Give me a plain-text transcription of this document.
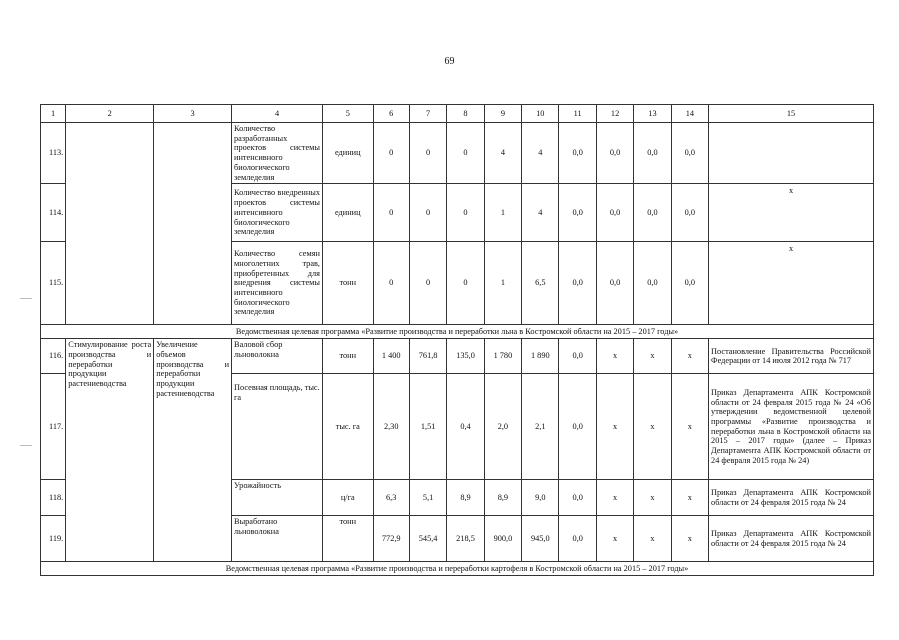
69
1	2	3	4	5	6	7	8	9	10	11	12	13	14	15
113.			Количество разработанных проектов системы интенсивного биологического земледелия	единиц	0	0	0	4	4	0,0	0,0	0,0	0,0	
114.			Количество внедренных проектов системы интенсивного биологического земледелия	единиц	0	0	0	1	4	0,0	0,0	0,0	0,0	х
115.			Количество семян многолетних трав, приобретенных для внедрения системы интенсивного биологического земледелия	тонн	0	0	0	1	6,5	0,0	0,0	0,0	0,0	х
Ведомственная целевая программа «Развитие производства и переработки льна в Костромской области на 2015 – 2017 годы»														
116.	Стимулирование роста производства и переработки продукции растениеводства	Увеличение объемов производства и переработки продукции растениеводства	Валовой сбор льноволокна	тонн	1 400	761,8	135,0	1 780	1 890	0,0	х	х	х	Постановление Правительства Российской Федерации от 14 июля 2012 года № 717
117.			Посевная площадь, тыс. га	тыс. га	2,30	1,51	0,4	2,0	2,1	0,0	х	х	х	Приказ Департамента АПК Костромской области от 24 февраля 2015 года № 24 «Об утверждении ведомственной целевой программы «Развитие производства и переработки льна в Костромской области на 2015 – 2017 годы» (далее – Приказ Департамента АПК Костромской области от 24 февраля 2015 года № 24)
118.			Урожайность	ц/га	6,3	5,1	8,9	8,9	9,0	0,0	х	х	х	Приказ Департамента АПК Костромской области от 24 февраля 2015 года № 24
119.			Выработано льноволокна	тонн	772,9	545,4	218,5	900,0	945,0	0,0	х	х	х	Приказ Департамента АПК Костромской области от 24 февраля 2015 года № 24
Ведомственная целевая программа «Развитие производства и переработки картофеля в Костромской области на 2015 – 2017 годы»														
